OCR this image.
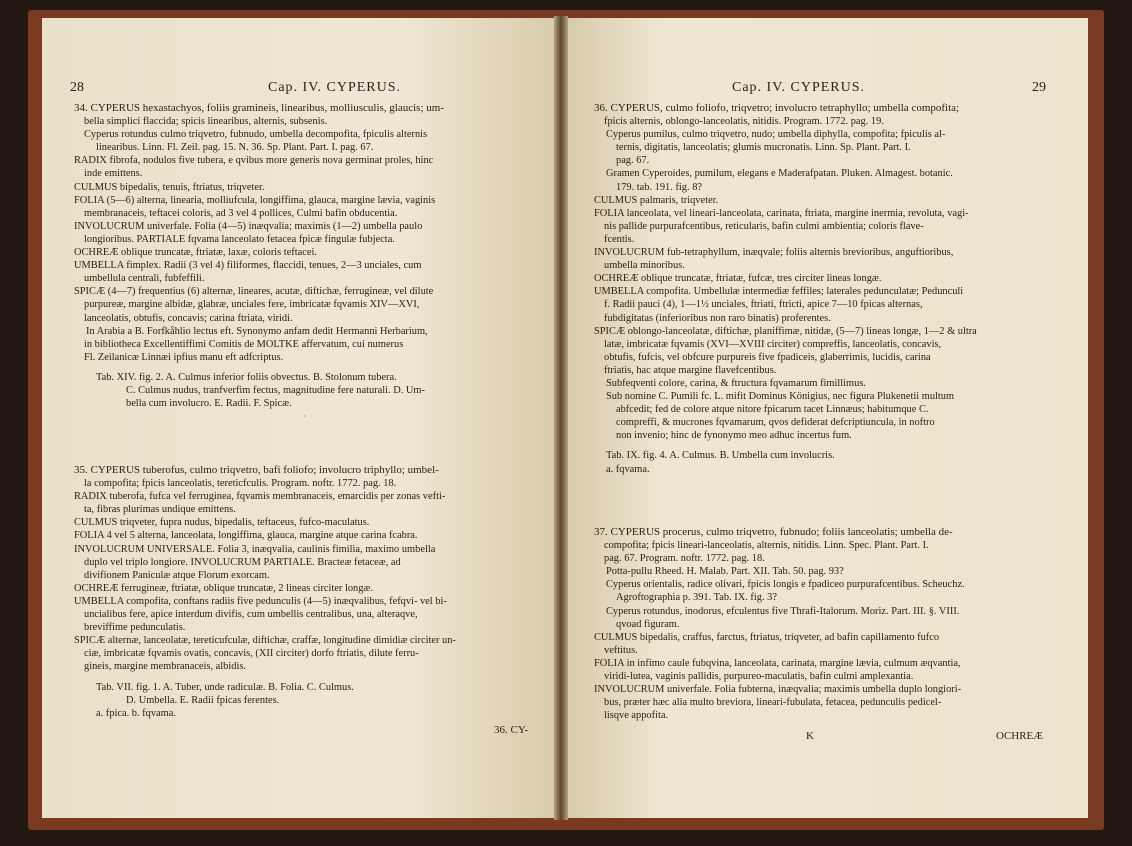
28	Cap. IV. CYPERUS.

34. CYPERUS hexastachyos, foliis gramineis, linearibus, molliusculis, glaucis; um-

bella simplici flaccida; spicis linearibus, alternis, subsenis.

Cyperus rotundus culmo triqvetro, fubnudo, umbella decompofita, fpiculis alternis

linearibus. Linn. Fl. Zeil. pag. 15. N. 36. Sp. Plant. Part. I. pag. 67.

RADIX fibrofa, nodulos five tubera, e qvibus more generis nova germinat proles, hinc

inde emittens.

CULMUS bipedalis, tenuis, ftriatus, triqveter.

FOLIA (5—6) alterna, linearia, molliufcula, longiffima, glauca, margine lævia, vaginis

membranaceis, teftacei coloris, ad 3 vel 4 pollices, Culmi bafin obducentia.

INVOLUCRUM univerfale. Folia (4—5) inæqvalia; maximis (1—2) umbella paulo

longioribus. PARTIALE fqvama lanceolato fetacea fpicæ fingulæ fubjecta.

OCHREÆ oblique truncatæ, ftriatæ, laxæ, coloris teftacei.

UMBELLA fimplex. Radii (3 vel 4) filiformes, flaccidi, tenues, 2—3 unciales, cum

umbellula centrali, fubfeffili.

SPICÆ (4—7) frequentius (6) alternæ, lineares, acutæ, diftichæ, ferrugineæ, vel dilute

purpureæ, margine albidæ, glabræ, unciales fere, imbricatæ fqvamis XIV—XVI,

lanceolatis, obtufis, concavis; carina ftriata, viridi.

In Arabia a B. Forfkåhlio lectus eft. Synonymo anfam dedit Hermanni Herbarium,

in bibliotheca Excellentiffimi Comitis de MOLTKE affervatum, cui numerus

Fl. Zeilanicæ Linnæi ipfius manu eft adfcriptus.

Tab. XIV. fig. 2. A. Culmus inferior foliis obvectus. B. Stolonum tubera.

C. Culmus nudus, tranfverfim fectus, magnitudine fere naturali. D. Um-

bella cum involucro. E. Radii. F. Spicæ.

·

35. CYPERUS tuberofus, culmo triqvetro, bafi foliofo; involucro triphyllo; umbel-

la compofita; fpicis lanceolatis, tereticfculis. Program. noftr. 1772. pag. 18.

RADIX tuberofa, fufca vel ferruginea, fqvamis membranaceis, emarcidis per zonas vefti-

ta, fibras plurimas undique emittens.

CULMUS triqveter, fupra nudus, bipedalis, teftaceus, fufco-maculatus.

FOLIA 4 vel 5 alterna, lanceolata, longiffima, glauca, margine atque carina fcabra.

INVOLUCRUM UNIVERSALE. Folia 3, inæqvalia, caulinis fimilia, maximo umbella

duplo vel triplo longiore. INVOLUCRUM PARTIALE. Bracteæ fetaceæ, ad

divifionem Paniculæ atque Florum exorcam.

OCHREÆ ferrugineæ, ftriatæ, oblique truncatæ, 2 lineas circiter longæ.

UMBELLA compofita, conftans radiis five pedunculis (4—5) inæqvalibus, fefqvi- vel bi-

uncialibus fere, apice interdum divifis, cum umbellis centralibus, una, alteraqve,

breviffime pedunculatis.

SPICÆ alternæ, lanceolatæ, tereticufculæ, diftichæ, craffæ, longitudine dimidiæ circiter un-

ciæ, imbricatæ fqvamis ovatis, concavis, (XII circiter) dorfo ftriatis, dilute ferru-

gineis, margine membranaceis, albidis.

Tab. VII. fig. 1. A. Tuber, unde radiculæ. B. Folia. C. Culmus.

D. Umbella. E. Radii fpicas ferentes.

a. fpica. b. fqvama.

36. CY-
Cap. IV. CYPERUS.	29

36. CYPERUS, culmo foliofo, triqvetro; involucro tetraphyllo; umbella compofita;

fpicis alternis, oblongo-lanceolatis, nitidis. Program. 1772. pag. 19.

Cyperus pumilus, culmo triqvetro, nudo; umbella diphylla, compofita; fpiculis al-

ternis, digitatis, lanceolatis; glumis mucronatis. Linn. Sp. Plant. Part. I.

pag. 67.

Gramen Cyperoides, pumilum, elegans e Maderafpatan. Pluken. Almagest. botanic.

179. tab. 191. fig. 8?

CULMUS palmaris, triqveter.

FOLIA lanceolata, vel lineari-lanceolata, carinata, ftriata, margine inermia, revoluta, vagi-

nis pallide purpurafcentibus, reticularis, bafin culmi ambientia; coloris flave-

fcentis.

INVOLUCRUM fub-tetraphyllum, inæqvale; foliis alternis brevioribus, anguftioribus,

umbella minoribus.

OCHREÆ oblique truncatæ, ftriatæ, fufcæ, tres circiter lineas longæ.

UMBELLA compofita. Umbellulæ intermediæ feffiles; laterales pedunculatæ; Pedunculi

f. Radii pauci (4), 1—1½ unciales, ftriati, ftricti, apice 7—10 fpicas alternas,

fubdigitatas (inferioribus non raro binatis) proferentes.

SPICÆ oblongo-lanceolatæ, diftichæ, planiffimæ, nitidæ, (5—7) lineas longæ, 1—2 & ultra

latæ, imbricatæ fqvamis (XVI—XVIII circiter) compreffis, lanceolatis, concavis,

obtufis, fufcis, vel obfcure purpureis five fpadiceis, glaberrimis, lucidis, carina

ftriatis, hac atque margine flavefcentibus.

Subfeqventi colore, carina, & ftructura fqvamarum fimillimus.

Sub nomine C. Pumili fc. L. mifit Dominus Königius, nec figura Plukenetii multum

abfcedit; fed de colore atque nitore fpicarum tacet Linnæus; habitumque C.

compreffi, & mucrones fqvamarum, qvos defiderat defcriptiuncula, in noftro

non invenio; hinc de fynonymo meo adhuc incertus fum.

Tab. IX. fig. 4. A. Culmus. B. Umbella cum involucris.

a. fqvama.

37. CYPERUS procerus, culmo triqvetro, fubnudo; foliis lanceolatis; umbella de-

compofita; fpicis lineari-lanceolatis, alternis, nitidis. Linn. Spec. Plant. Part. I.

pag. 67. Program. noftr. 1772. pag. 18.

Potta-pullu Rheed. H. Malab. Part. XII. Tab. 50. pag. 93?

Cyperus orientalis, radice olivari, fpicis longis e fpadiceo purpurafcentibus. Scheuchz.

Agroftographia p. 391. Tab. IX. fig. 3?

Cyperus rotundus, inodorus, efculentus five Thrafi-Italorum. Moriz. Part. III. §. VIII.

qvoad figuram.

CULMUS bipedalis, craffus, farctus, ftriatus, triqveter, ad bafin capillamento fufco

veftitus.

FOLIA in infimo caule fubqvina, lanceolata, carinata, margine lævia, culmum æqvantia,

viridi-lutea, vaginis pallidis, purpureo-maculatis, bafin culmi amplexantia.

INVOLUCRUM univerfale. Folia fubterna, inæqvalia; maximis umbella duplo longiori-

bus, præter hæc alia multo breviora, lineari-fubulata, fetacea, pedunculis pedicel-

lisqve appofita.

K	OCHREÆ
